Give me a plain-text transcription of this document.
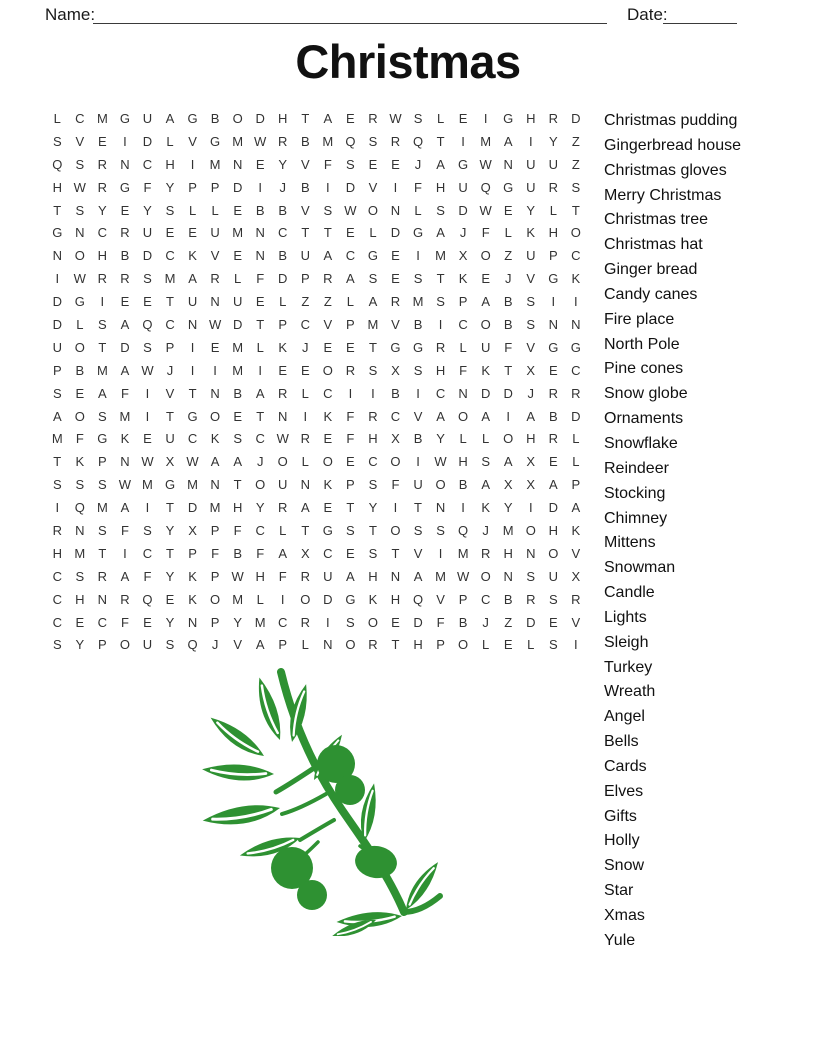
Name:	Date:
Christmas
L	C M G U	A	G	B	O D	H	T	A	E	R W S	L	E	I	G H	R	D
S	V	E	I	D	L	V	G M W R	B M Q	S	R Q	T	I	M A	I	Y	Z
Q	S	R	N	C	H	I	M N	E	Y	V	F	S	E	E	J	A	G W N	U	U	Z
H W R G	F	Y	P	P	D	I	J	B	I	D	V	I	F	H	U Q G U	R	S
T	S	Y	E	Y	S	L	L	E	B	B	V	S W O N	L	S	D W E	Y	L	T
G N	C	R	U	E	E	U M N	C	T	T	E	L	D G	A	J	F	L	K	H O
N O H	B	D	C	K	V	E	N	B	U	A	C G	E	I	M X	O	Z	U	P	C
I	W R	R	S M A	R	L	F	D	P	R	A	S	E	S	T	K	E	J	V	G	K
D G	I	E	E	T	U	N	U	E	L	Z	Z	L	A	R M S	P	A	B	S	I	I
D	L	S	A	Q C	N W D	T	P	C	V	P M V	B	I	C O	B	S	N	N
U O	T	D	S	P	I	E M	L	K	J	E	E	T	G G R	L	U	F	V	G G
P	B M A W	J	I	I	M	I	E	E	O R	S	X	S	H	F	K	T	X	E	C
S	E	A	F	I	V	T	N	B	A	R	L	C	I	I	B	I	C	N	D	D	J	R	R
A	O	S M	I	T	G O	E	T	N	I	K	F	R	C	V	A	O	A	I	A	B	D
M	F	G	K	E	U	C	K	S	C W R	E	F	H	X	B	Y	L	L	O H	R	L
T	K	P	N W X W A	A	J	O	L	O	E	C O	I	W H	S	A	X	E	L
S	S	S W M G M N	T	O U	N	K	P	S	F	U O	B	A	X	X	A	P
I	Q M A	I	T	D M H	Y	R	A	E	T	Y	I	T	N	I	K	Y	I	D	A
R	N	S	F	S	Y	X	P	F	C	L	T	G	S	T	O	S	S	Q	J	M O H	K
H M	T	I	C	T	P	F	B	F	A	X	C	E	S	T	V	I	M R	H	N O	V
C	S	R	A	F	Y	K	P W H	F	R	U	A	H	N	A M W O N	S	U	X
C	H	N	R Q	E	K	O M	L	I	O D G	K	H Q	V	P	C	B	R	S	R
C	E	C	F	E	Y	N	P	Y M C	R	I	S	O	E	D	F	B	J	Z	D	E	V
S	Y	P	O U	S	Q	J	V	A	P	L	N O R	T	H	P	O	L	E	L	S	I
Christmas pudding
Gingerbread house
Christmas gloves
Merry Christmas
Christmas tree
Christmas hat
Ginger bread
Candy canes
Fire place
North Pole
Pine cones
Snow globe
Ornaments
Snowflake
Reindeer
Stocking
Chimney
Mittens
Snowman
Candle
Lights
Sleigh
Turkey
Wreath
Angel
Bells
Cards
Elves
Gifts
Holly
Snow
Star
Xmas
Yule
